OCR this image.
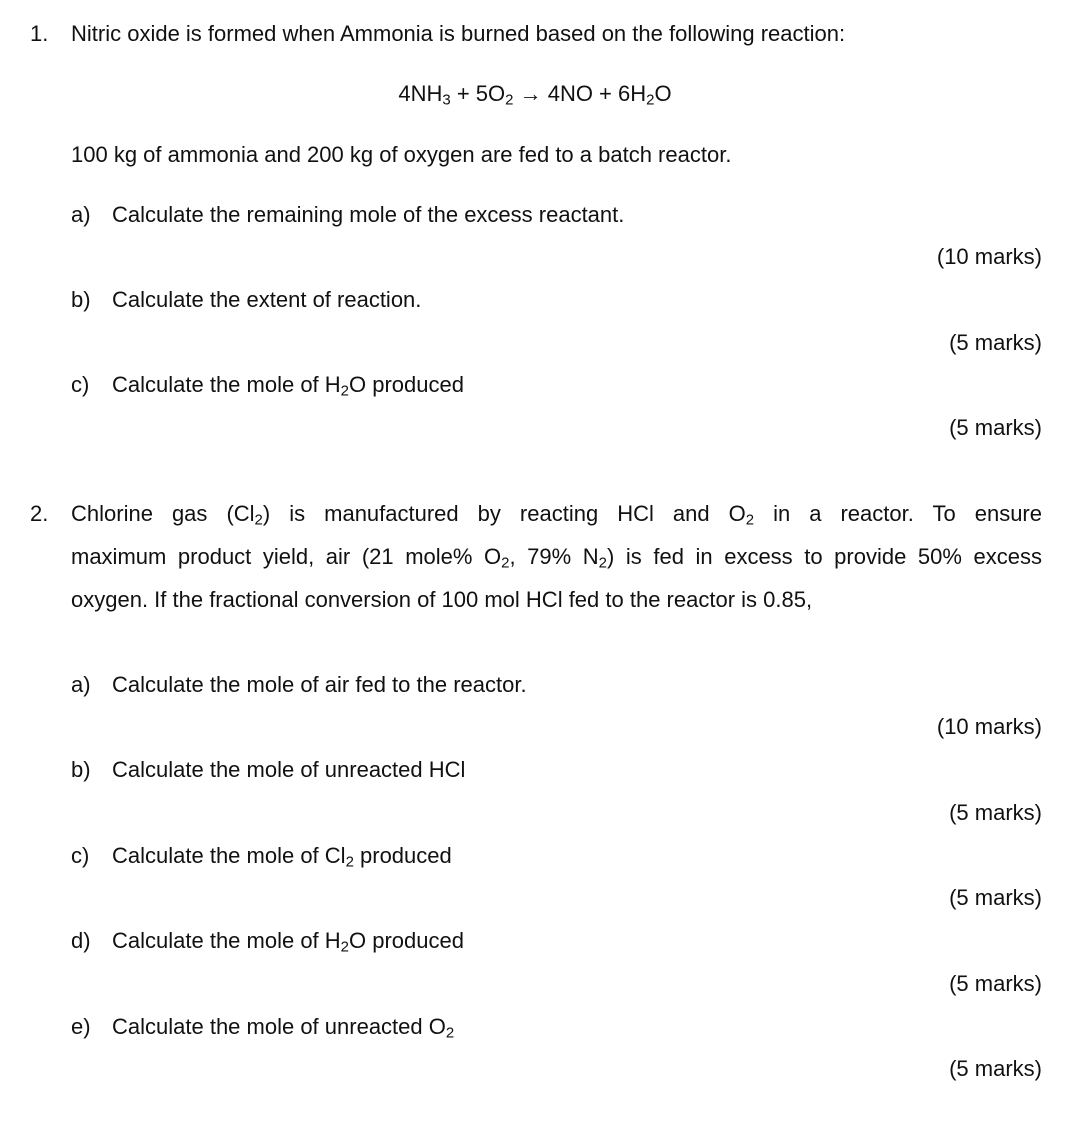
1. Nitric oxide is formed when Ammonia is burned based on the following reaction:
$4NH_3 + 5O_2 \to 4NO + 6H_2O$
100 kg of ammonia and 200 kg of oxygen are fed to a batch reactor.
a) Calculate the remaining mole of the excess reactant.
(10 marks)
b) Calculate the extent of reaction.
(5 marks)
c) Calculate the mole of $H_2O$ produced
(5 marks)
2. Chlorine gas $(Cl_2)$ is manufactured by reacting HCl and $O_2$ in a reactor. To ensure
maximum product yield, air (21 mole% $O_2$, 79% $N_2$) is fed in excess to provide 50% excess
oxygen. If the fractional conversion of 100 mol HCl fed to the reactor is 0.85,
a) Calculate the mole of air fed to the reactor.
(10 marks)
b) Calculate the mole of unreacted HCl
(5 marks)
c) Calculate the mole of $Cl_2$ produced
(5 marks)
d) Calculate the mole of $H_2O$ produced
(5 marks)
e) Calculate the mole of unreacted $O_2$
(5 marks)
